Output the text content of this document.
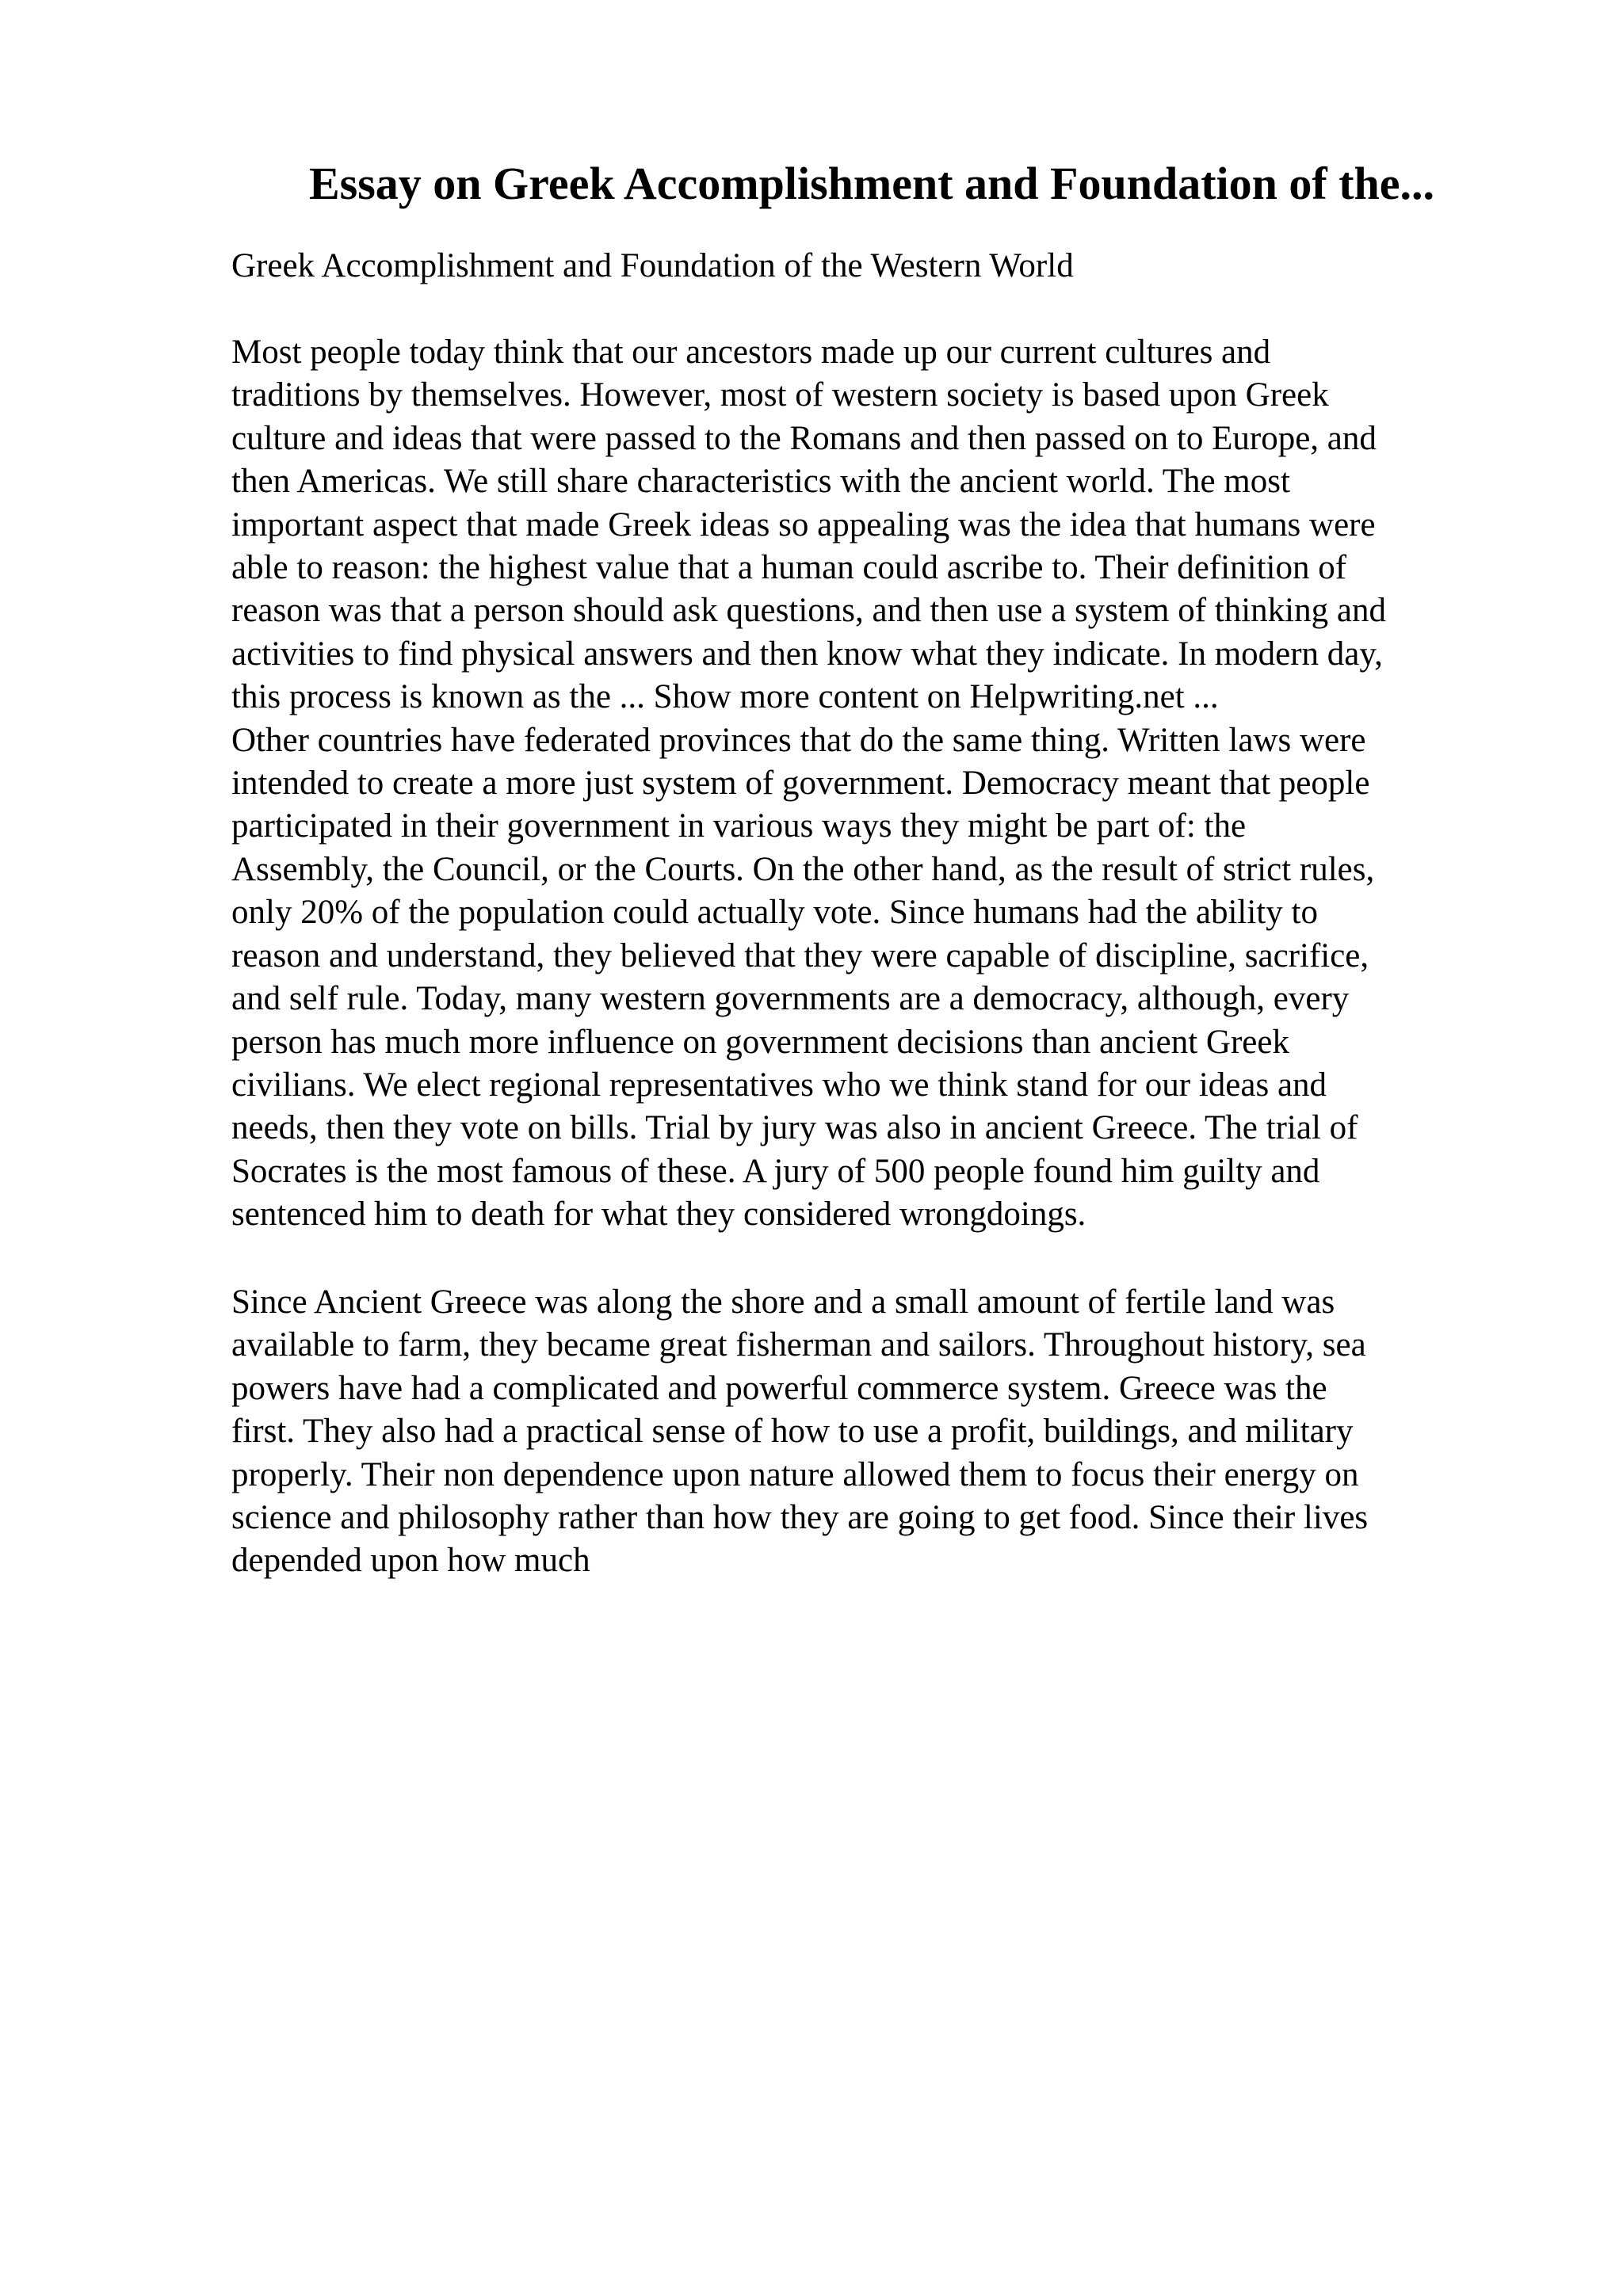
Essay on Greek Accomplishment and Foundation of the...

Greek Accomplishment and Foundation of the Western World

Most people today think that our ancestors made up our current cultures and
traditions by themselves. However, most of western society is based upon Greek
culture and ideas that were passed to the Romans and then passed on to Europe, and
then Americas. We still share characteristics with the ancient world. The most
important aspect that made Greek ideas so appealing was the idea that humans were
able to reason: the highest value that a human could ascribe to. Their definition of
reason was that a person should ask questions, and then use a system of thinking and
activities to find physical answers and then know what they indicate. In modern day,
this process is known as the ... Show more content on Helpwriting.net ...
Other countries have federated provinces that do the same thing. Written laws were
intended to create a more just system of government. Democracy meant that people
participated in their government in various ways they might be part of: the
Assembly, the Council, or the Courts. On the other hand, as the result of strict rules,
only 20% of the population could actually vote. Since humans had the ability to
reason and understand, they believed that they were capable of discipline, sacrifice,
and self rule. Today, many western governments are a democracy, although, every
person has much more influence on government decisions than ancient Greek
civilians. We elect regional representatives who we think stand for our ideas and
needs, then they vote on bills. Trial by jury was also in ancient Greece. The trial of
Socrates is the most famous of these. A jury of 500 people found him guilty and
sentenced him to death for what they considered wrongdoings.

Since Ancient Greece was along the shore and a small amount of fertile land was
available to farm, they became great fisherman and sailors. Throughout history, sea
powers have had a complicated and powerful commerce system. Greece was the
first. They also had a practical sense of how to use a profit, buildings, and military
properly. Their non dependence upon nature allowed them to focus their energy on
science and philosophy rather than how they are going to get food. Since their lives
depended upon how much
